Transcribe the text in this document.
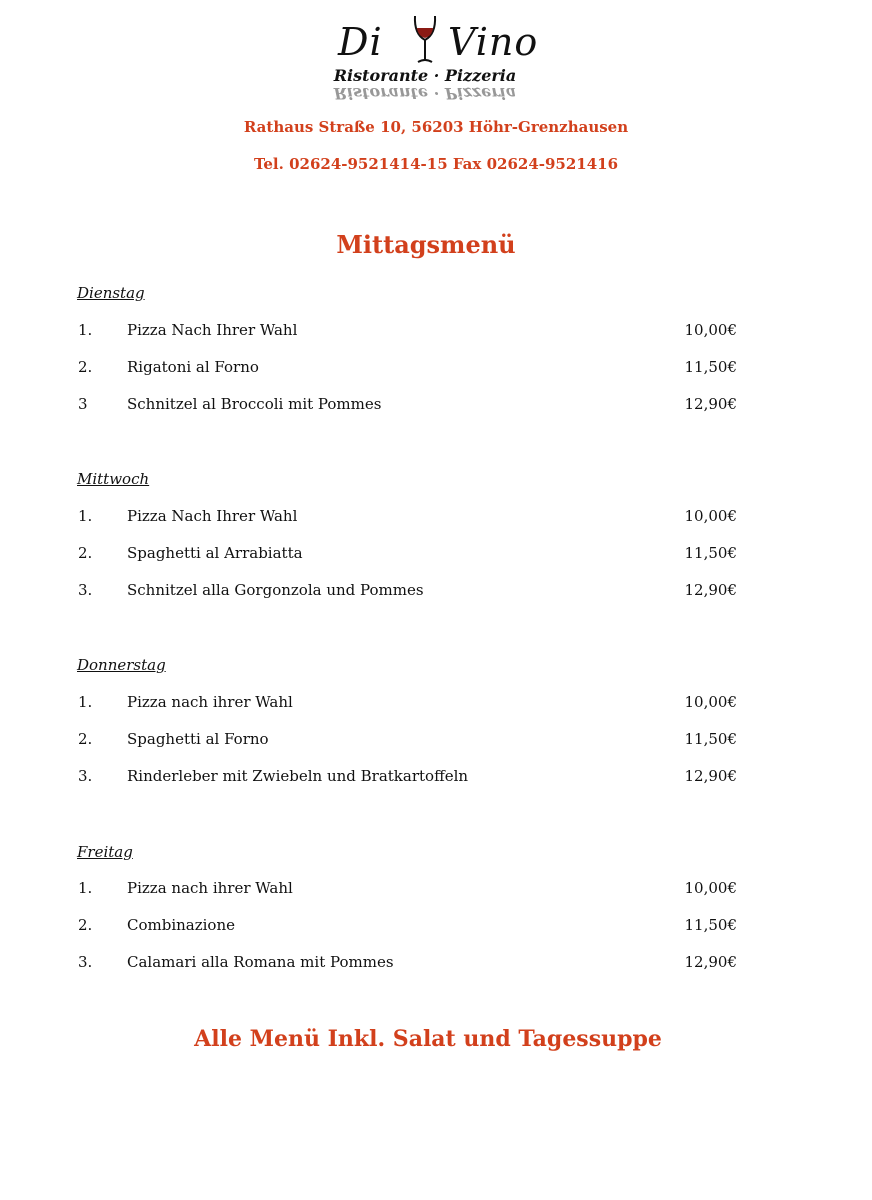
Di Vino
Ristorante · Pizzeria
Ristorante · Pizzeria
Rathaus Straße 10, 56203 Höhr-Grenzhausen
Tel. 02624-9521414-15 Fax 02624-9521416
Mittagsmenü
Dienstag
1. Pizza Nach Ihrer Wahl	10,00€
2. Rigatoni al Forno	11,50€
3	Schnitzel al Broccoli mit Pommes	12,90€
Mittwoch
1. Pizza Nach Ihrer Wahl	10,00€
2. Spaghetti al Arrabiatta	11,50€
3. Schnitzel alla Gorgonzola und Pommes	12,90€
Donnerstag
1. Pizza nach ihrer Wahl	10,00€
2. Spaghetti al Forno	11,50€
3. Rinderleber mit Zwiebeln und Bratkartoffeln	12,90€
Freitag
1. Pizza nach ihrer Wahl	10,00€
2. Combinazione	11,50€
3. Calamari alla Romana mit Pommes	12,90€
Alle Menü Inkl. Salat und Tagessuppe
